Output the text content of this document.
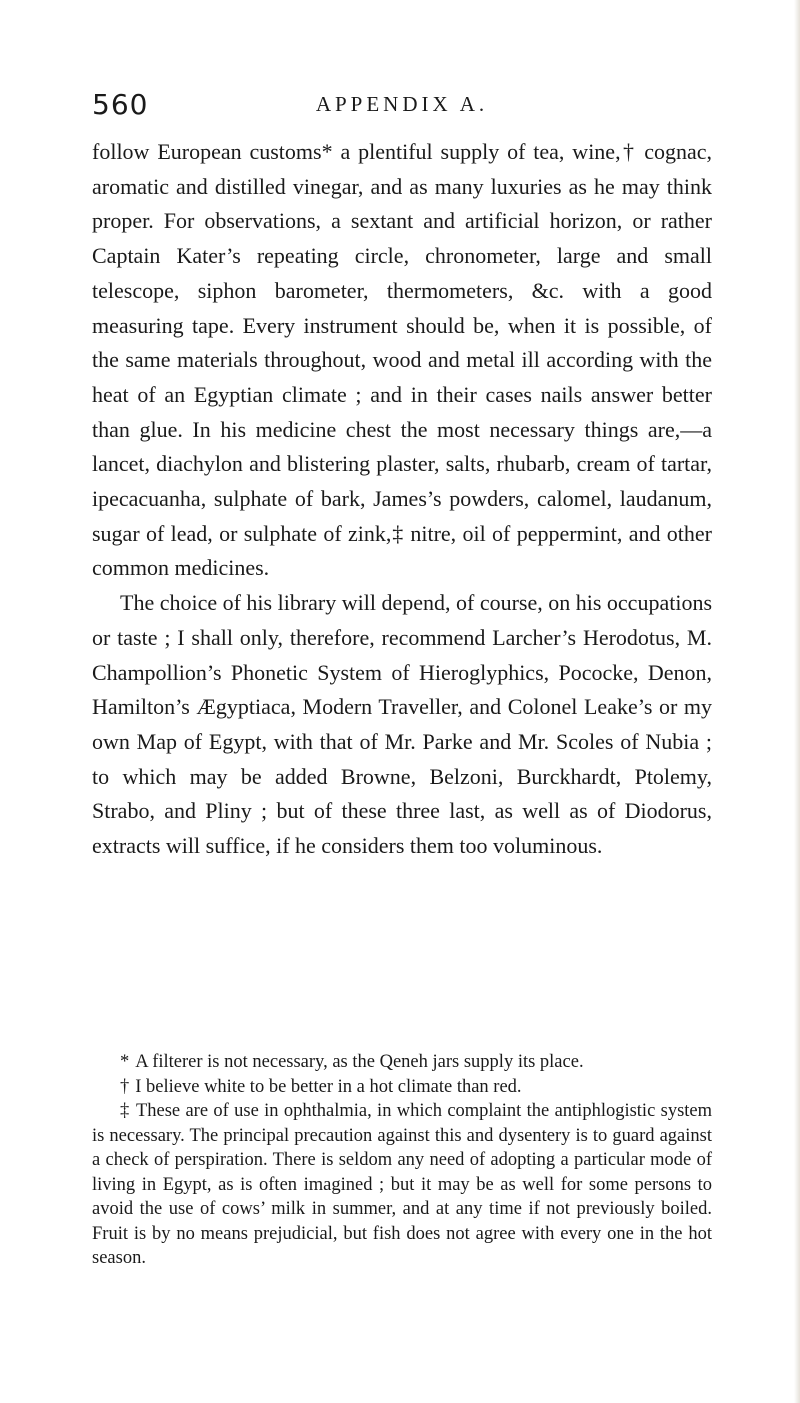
560	APPENDIX A.

follow European customs* a plentiful supply of tea, wine,† cognac, aromatic and distilled vinegar, and as many luxuries as he may think proper. For observations, a sextant and artificial horizon, or rather Captain Kater’s repeating circle, chronometer, large and small telescope, siphon barometer, thermometers, &c. with a good measuring tape. Every instrument should be, when it is possible, of the same materials throughout, wood and metal ill according with the heat of an Egyptian climate ; and in their cases nails answer better than glue. In his medicine chest the most necessary things are,—a lancet, diachylon and blistering plaster, salts, rhubarb, cream of tartar, ipecacuanha, sulphate of bark, James’s powders, calomel, laudanum, sugar of lead, or sulphate of zink,‡ nitre, oil of peppermint, and other common medicines.

The choice of his library will depend, of course, on his occupations or taste ; I shall only, therefore, recommend Larcher’s Herodotus, M. Champollion’s Phonetic System of Hieroglyphics, Pococke, Denon, Hamilton’s Ægyptiaca, Modern Traveller, and Colonel Leake’s or my own Map of Egypt, with that of Mr. Parke and Mr. Scoles of Nubia ; to which may be added Browne, Belzoni, Burckhardt, Ptolemy, Strabo, and Pliny ; but of these three last, as well as of Diodorus, extracts will suffice, if he considers them too voluminous.

* A filterer is not necessary, as the Qeneh jars supply its place.

† I believe white to be better in a hot climate than red.

‡ These are of use in ophthalmia, in which complaint the antiphlogistic system is necessary. The principal precaution against this and dysentery is to guard against a check of perspiration. There is seldom any need of adopting a particular mode of living in Egypt, as is often imagined ; but it may be as well for some persons to avoid the use of cows’ milk in summer, and at any time if not previously boiled. Fruit is by no means prejudicial, but fish does not agree with every one in the hot season.
